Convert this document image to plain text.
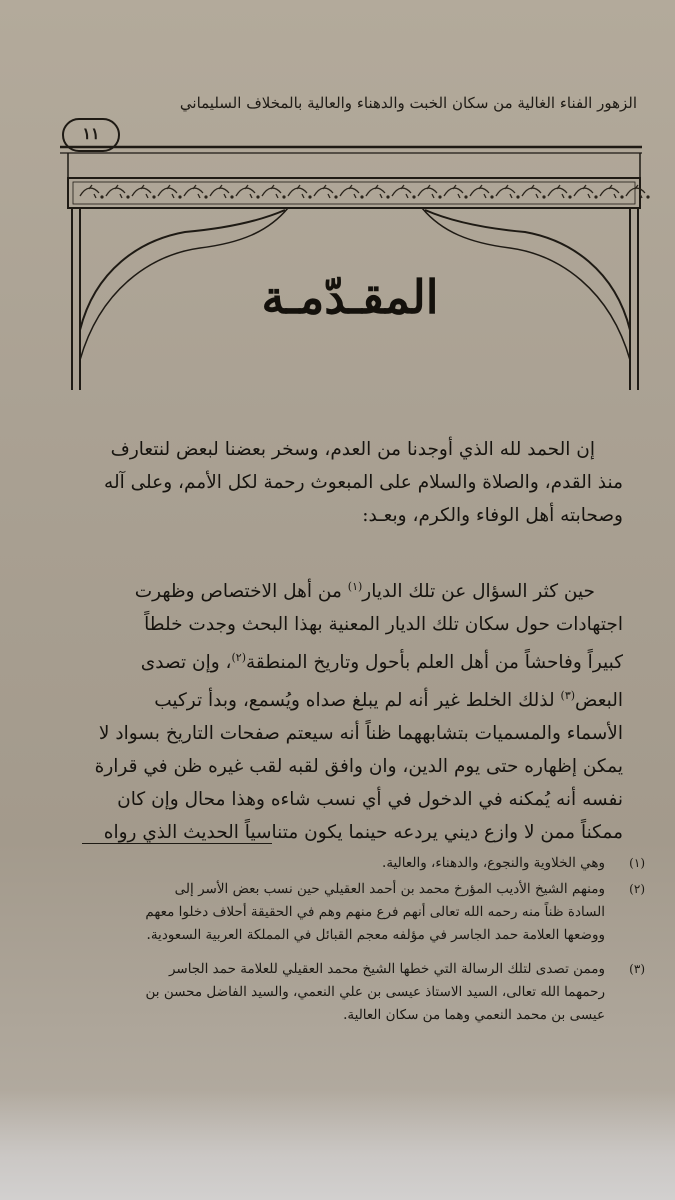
الزهور الفناء الغالية من سكان الخبت والدهناء والعالية بالمخلاف السليماني
١١
المقـدّمـة
إن الحمد لله الذي أوجدنا من العدم، وسخر بعضنا لبعض لنتعارف
منذ القدم، والصلاة والسلام على المبعوث رحمة لكل الأمم، وعلى آله
وصحابته أهل الوفاء والكرم، وبعـد:
حين كثر السؤال عن تلك الديار$^{(١)}$ من أهل الاختصاص وظهرت
اجتهادات حول سكان تلك الديار المعنية بهذا البحث وجدت خلطاً
كبيراً وفاحشاً من أهل العلم بأحول وتاريخ المنطقة$^{(٢)}$، وإن تصدى
البعض$^{(٣)}$ لذلك الخلط غير أنه لم يبلغ صداه ويُسمع، وبدأ تركيب
الأسماء والمسميات بتشابههما ظناً أنه سيعتم صفحات التاريخ بسواد لا
يمكن إظهاره حتى يوم الدين، وان وافق لقبه لقب غيره ظن في قرارة
نفسه أنه يُمكنه في الدخول في أي نسب شاءه وهذا محال وإن كان
ممكناً ممن لا وازع ديني يردعه حينما يكون متناسياً الحديث الذي رواه
(١)
وهي الخلاوية والنجوع، والدهناء، والعالية.
(٢)
ومنهم الشيخ الأديب المؤرخ محمد بن أحمد العقيلي حين نسب بعض الأسر إلى
السادة ظناً منه رحمه الله تعالى أنهم فرع منهم وهم في الحقيقة أحلاف دخلوا معهم
ووضعها العلامة حمد الجاسر في مؤلفه معجم القبائل في المملكة العربية السعودية.
(٣)
وممن تصدى لتلك الرسالة التي خطها الشيخ محمد العقيلي للعلامة حمد الجاسر
رحمهما الله تعالى، السيد الاستاذ عيسى بن علي النعمي، والسيد الفاضل محسن بن
عيسى بن محمد النعمي وهما من سكان العالية.
